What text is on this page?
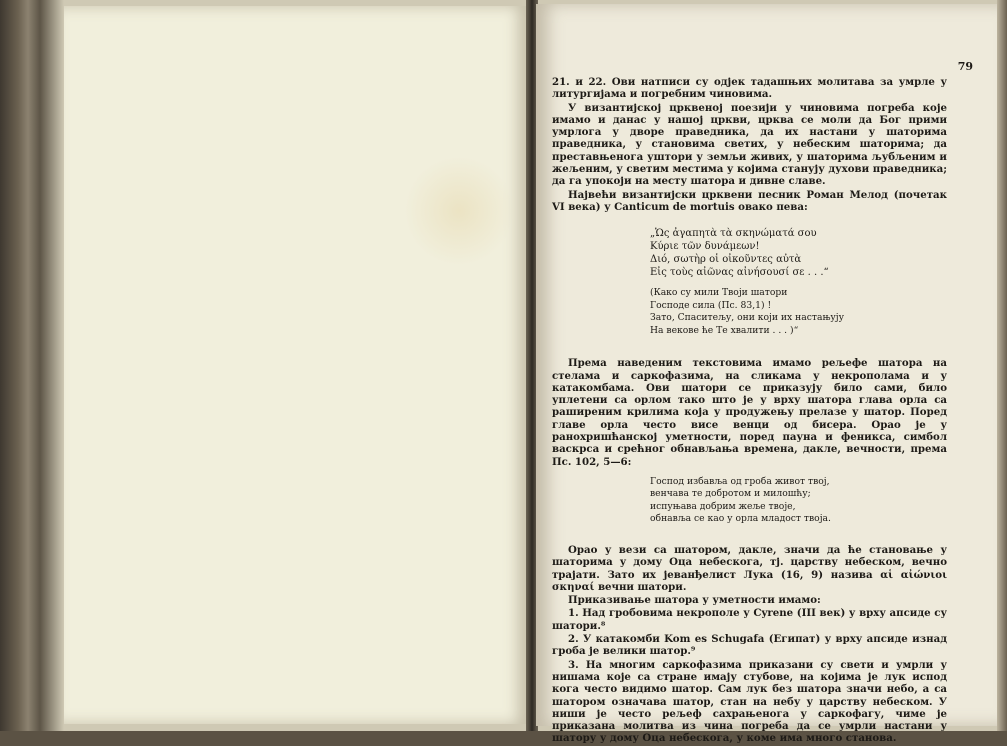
79

21. и 22. Ови натписи су одјек тадашњих молитава за умрле у литургијама и погребним чиновима.

У византијској црквеној поезији у чиновима погреба које имамо и данас у нашој цркви, црква се моли да Бог прими умрлога у дворе праведника, да их настани у шаторима праведника, у становима светих, у небеским шаторима; да преставњенога уштори у земљи живих, у шаторима љубљеним и жељеним, у светим местима у којима станују духови праведника; да га упокоји на месту шатора и дивне славе.

Највећи византијски црквени песник Роман Мелод (почетак VI века) у Canticum de mortuis овако пева:

„Ὡς ἀγαπητὰ τὰ σκηνώματά σου
Κύριε τῶν δυνάμεων!
Διό, σωτὴρ οἱ οἰκοῦντες αὐτὰ
Εἰς τοὺς αἰῶνας αἰνήσουσί σε . . .“
(Како су мили Твоји шатори
Господе сила (Пс. 83,1) !
Зато, Спаситељу, они који их настањују
На векове ће Те хвалити . . . )“

Према наведеним текстовима имамо рељефе шатора на стелама и саркофазима, на сликама у некрополама и у катакомбама. Ови шатори се приказују било сами, било уплетени са орлом тако што је у врху шатора глава орла са раширеним крилима која у продужењу прелазе у шатор. Поред главе орла често висе венци од бисера. Орао је у ранохришћанској уметности, поред пауна и феникса, симбол васкрса и срећног обнављања времена, дакле, вечности, према Пс. 102, 5—6:

Господ избавља од гроба живот твој,
венчава те добротом и милошћу;
испуњава добрим жеље твоје,
обнавља се као у орла младост твоја.

Орао у вези са шатором, дакле, значи да ће становање у шаторима у дому Оца небескога, тј. царству небеском, вечно трајати. Зато их јеванђелист Лука (16, 9) назива αἱ αἰώνιοι σκηναί вечни шатори.

Приказивање шатора у уметности имамо:

1. Над гробовима некрополе у Cyrene (III век) у врху апсиде су шатори.⁸

2. У катакомби Kom es Schugafa (Египат) у врху апсиде изнад гроба је велики шатор.⁹

3. На многим саркофазима приказани су свети и умрли у нишама које са стране имају стубове, на којима је лук испод кога често видимо шатор. Сам лук без шатора значи небо, а са шатором означава шатор, стан на небу у царству небеском. У ниши је често рељеф сахрањенога у саркофагу, чиме је приказана молитва из чина погреба да се умрли настани у шатору у дому Оца небескога, у коме има много станова.
